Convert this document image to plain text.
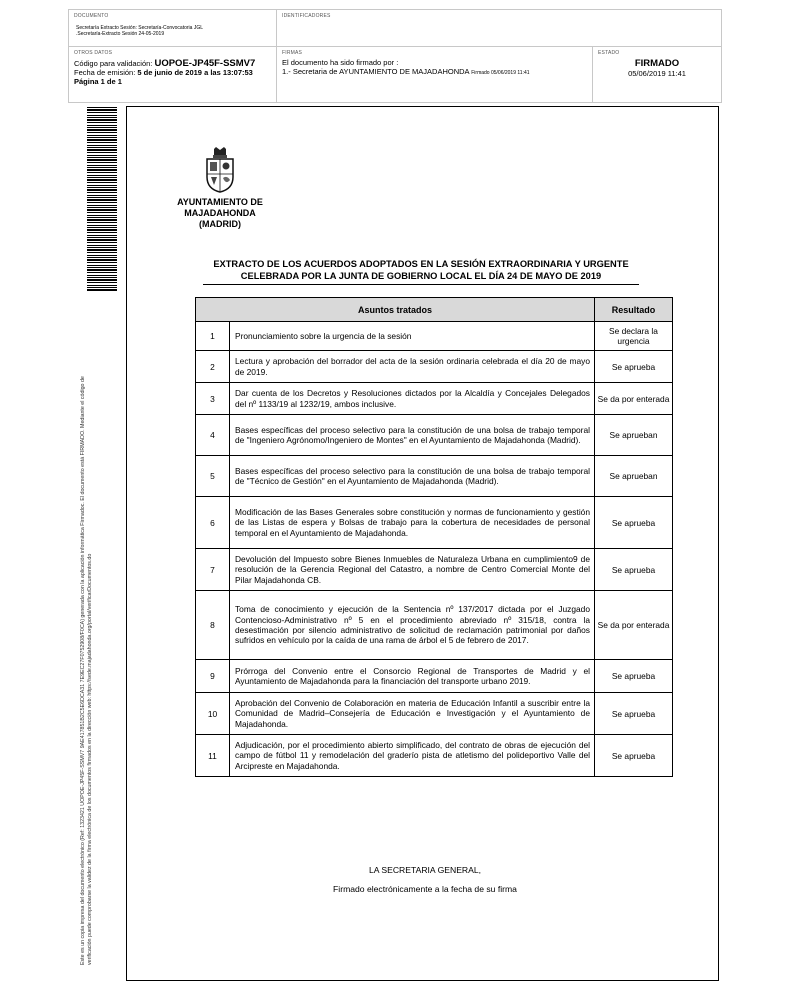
DOCUMENTO
Secretaría Extracto Sesión: Secretaría-Convocatoria JGL
.Secretaría-Extracto Sesión 24-05-2019
IDENTIFICADORES
OTROS DATOS
Código para validación: UOPOE-JP45F-SSMV7
Fecha de emisión: 5 de junio de 2019 a las 13:07:53
Página 1 de 1
FIRMAS
El documento ha sido firmado por :
1.- Secretaria de AYUNTAMIENTO DE MAJADAHONDA Firmado 05/06/2019 11:41
ESTADO
FIRMADO
05/06/2019 11:41
Este es un copia impresa del documento electrónico (Ref: 1323421 UOPOE-JP45F-SSMV7 9AE417851B2C5E6DCA31 7E9EC27F0752908/F0CA) generada con la aplicación informática Firmadoc. El documento está FIRMADO. Mediante el código de verificación puede comprobarse la validez de la firma electrónica de los documentos firmados en la dirección web: https://sede.majadahonda.org/portal/verificarDocumentos.do
AYUNTAMIENTO DE
MAJADAHONDA
(MADRID)
EXTRACTO DE LOS ACUERDOS ADOPTADOS EN LA SESIÓN EXTRAORDINARIA Y URGENTE
CELEBRADA POR LA JUNTA DE GOBIERNO LOCAL EL DÍA 24 DE MAYO DE 2019
Asuntos tratados		Resultado
1	Pronunciamiento sobre la urgencia de la sesión	Se declara la urgencia
2	Lectura y aprobación del borrador del acta de la sesión ordinaria celebrada el día 20 de mayo de 2019.	Se aprueba
3	Dar cuenta de los Decretos y Resoluciones dictados por la Alcaldía y Concejales Delegados del nº 1133/19 al 1232/19, ambos inclusive.	Se da por enterada
4	Bases específicas del proceso selectivo para la constitución de una bolsa de trabajo temporal de "Ingeniero Agrónomo/Ingeniero de Montes" en el Ayuntamiento de Majadahonda (Madrid).	Se aprueban
5	Bases específicas del proceso selectivo para la constitución de una bolsa de trabajo temporal de "Técnico de Gestión" en el Ayuntamiento de Majadahonda (Madrid).	Se aprueban
6	Modificación de las Bases Generales sobre constitución y normas de funcionamiento y gestión de las Listas de espera y Bolsas de trabajo para la cobertura de necesidades de personal temporal en el Ayuntamiento de Majadahonda.	Se aprueba
7	Devolución del Impuesto sobre Bienes Inmuebles de Naturaleza Urbana en cumplimiento9 de resolución de la Gerencia Regional del Catastro, a nombre de Centro Comercial Monte del Pilar Majadahonda CB.	Se aprueba
8	Toma de conocimiento y ejecución de la Sentencia nº 137/2017 dictada por el Juzgado Contencioso-Administrativo nº 5 en el procedimiento abreviado nº 315/18, contra la desestimación por silencio administrativo de solicitud de reclamación patrimonial por daños sufridos en vehículo por la caída de una rama de árbol el 5 de febrero de 2017.	Se da por enterada
9	Prórroga del Convenio entre el Consorcio Regional de Transportes de Madrid y el Ayuntamiento de Majadahonda para la financiación del transporte urbano 2019.	Se aprueba
10	Aprobación del Convenio de Colaboración en materia de Educación Infantil a suscribir entre la Comunidad de Madrid–Consejería de Educación e Investigación y el Ayuntamiento de Majadahonda.	Se aprueba
11	Adjudicación, por el procedimiento abierto simplificado, del contrato de obras de ejecución del campo de fútbol 11 y remodelación del graderío pista de atletismo del polideportivo Valle del Arcipreste en Majadahonda.	Se aprueba
LA SECRETARIA GENERAL,
Firmado electrónicamente a la fecha de su firma
